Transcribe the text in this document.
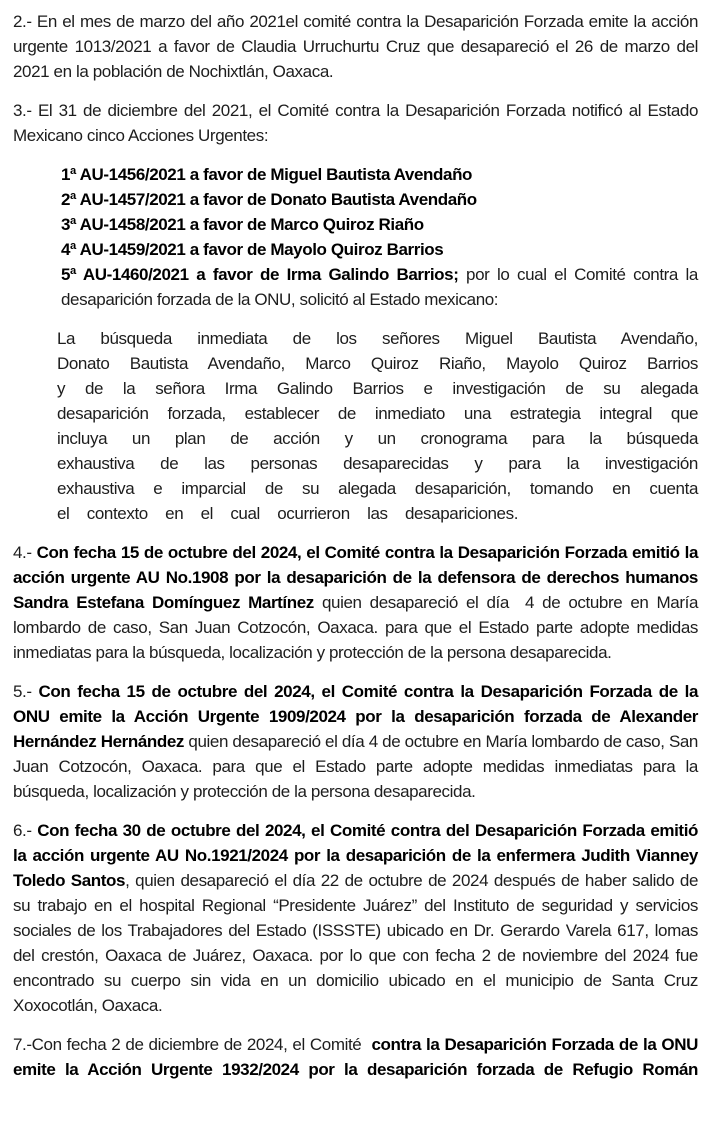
2.- En el mes de marzo del año 2021el comité contra la Desaparición Forzada emite la acción urgente 1013/2021 a favor de Claudia Urruchurtu Cruz que desapareció el 26 de marzo del 2021 en la población de Nochixtlán, Oaxaca.

3.- El 31 de diciembre del 2021, el Comité contra la Desaparición Forzada notificó al Estado Mexicano cinco Acciones Urgentes:

1ª AU-1456/2021 a favor de Miguel Bautista Avendaño

2ª AU-1457/2021 a favor de Donato Bautista Avendaño

3ª AU-1458/2021 a favor de Marco Quiroz Riaño

4ª AU-1459/2021 a favor de Mayolo Quiroz Barrios

5ª AU-1460/2021 a favor de Irma Galindo Barrios; por lo cual el Comité contra la desaparición forzada de la ONU, solicitó al Estado mexicano:

La búsqueda inmediata de los señores Miguel Bautista Avendaño, Donato Bautista Avendaño, Marco Quiroz Riaño, Mayolo Quiroz Barrios y de la señora Irma Galindo Barrios e investigación de su alegada desaparición forzada, establecer de inmediato una estrategia integral que incluya un plan de acción y un cronograma para la búsqueda exhaustiva de las personas desaparecidas y para la investigación exhaustiva e imparcial de su alegada desaparición, tomando en cuenta el contexto en el cual ocurrieron las desapariciones.

4.- Con fecha 15 de octubre del 2024, el Comité contra la Desaparición Forzada emitió la acción urgente AU No.1908 por la desaparición de la defensora de derechos humanos Sandra Estefana Domínguez Martínez quien desapareció el día  4 de octubre en María lombardo de caso, San Juan Cotzocón, Oaxaca. para que el Estado parte adopte medidas inmediatas para la búsqueda, localización y protección de la persona desaparecida.

5.- Con fecha 15 de octubre del 2024, el Comité contra la Desaparición Forzada de la ONU emite la Acción Urgente 1909/2024 por la desaparición forzada de Alexander Hernández Hernández quien desapareció el día 4 de octubre en María lombardo de caso, San Juan Cotzocón, Oaxaca. para que el Estado parte adopte medidas inmediatas para la búsqueda, localización y protección de la persona desaparecida.

6.- Con fecha 30 de octubre del 2024, el Comité contra del Desaparición Forzada emitió la acción urgente AU No.1921/2024 por la desaparición de la enfermera Judith Vianney Toledo Santos, quien desapareció el día 22 de octubre de 2024 después de haber salido de su trabajo en el hospital Regional “Presidente Juárez” del Instituto de seguridad y servicios sociales de los Trabajadores del Estado (ISSSTE) ubicado en Dr. Gerardo Varela 617, lomas del crestón, Oaxaca de Juárez, Oaxaca. por lo que con fecha 2 de noviembre del 2024 fue encontrado su cuerpo sin vida en un domicilio ubicado en el municipio de Santa Cruz Xoxocotlán, Oaxaca.

7.-Con fecha 2 de diciembre de 2024, el Comité  contra la Desaparición Forzada de la ONU emite la Acción Urgente 1932/2024 por la desaparición forzada de Refugio Román
